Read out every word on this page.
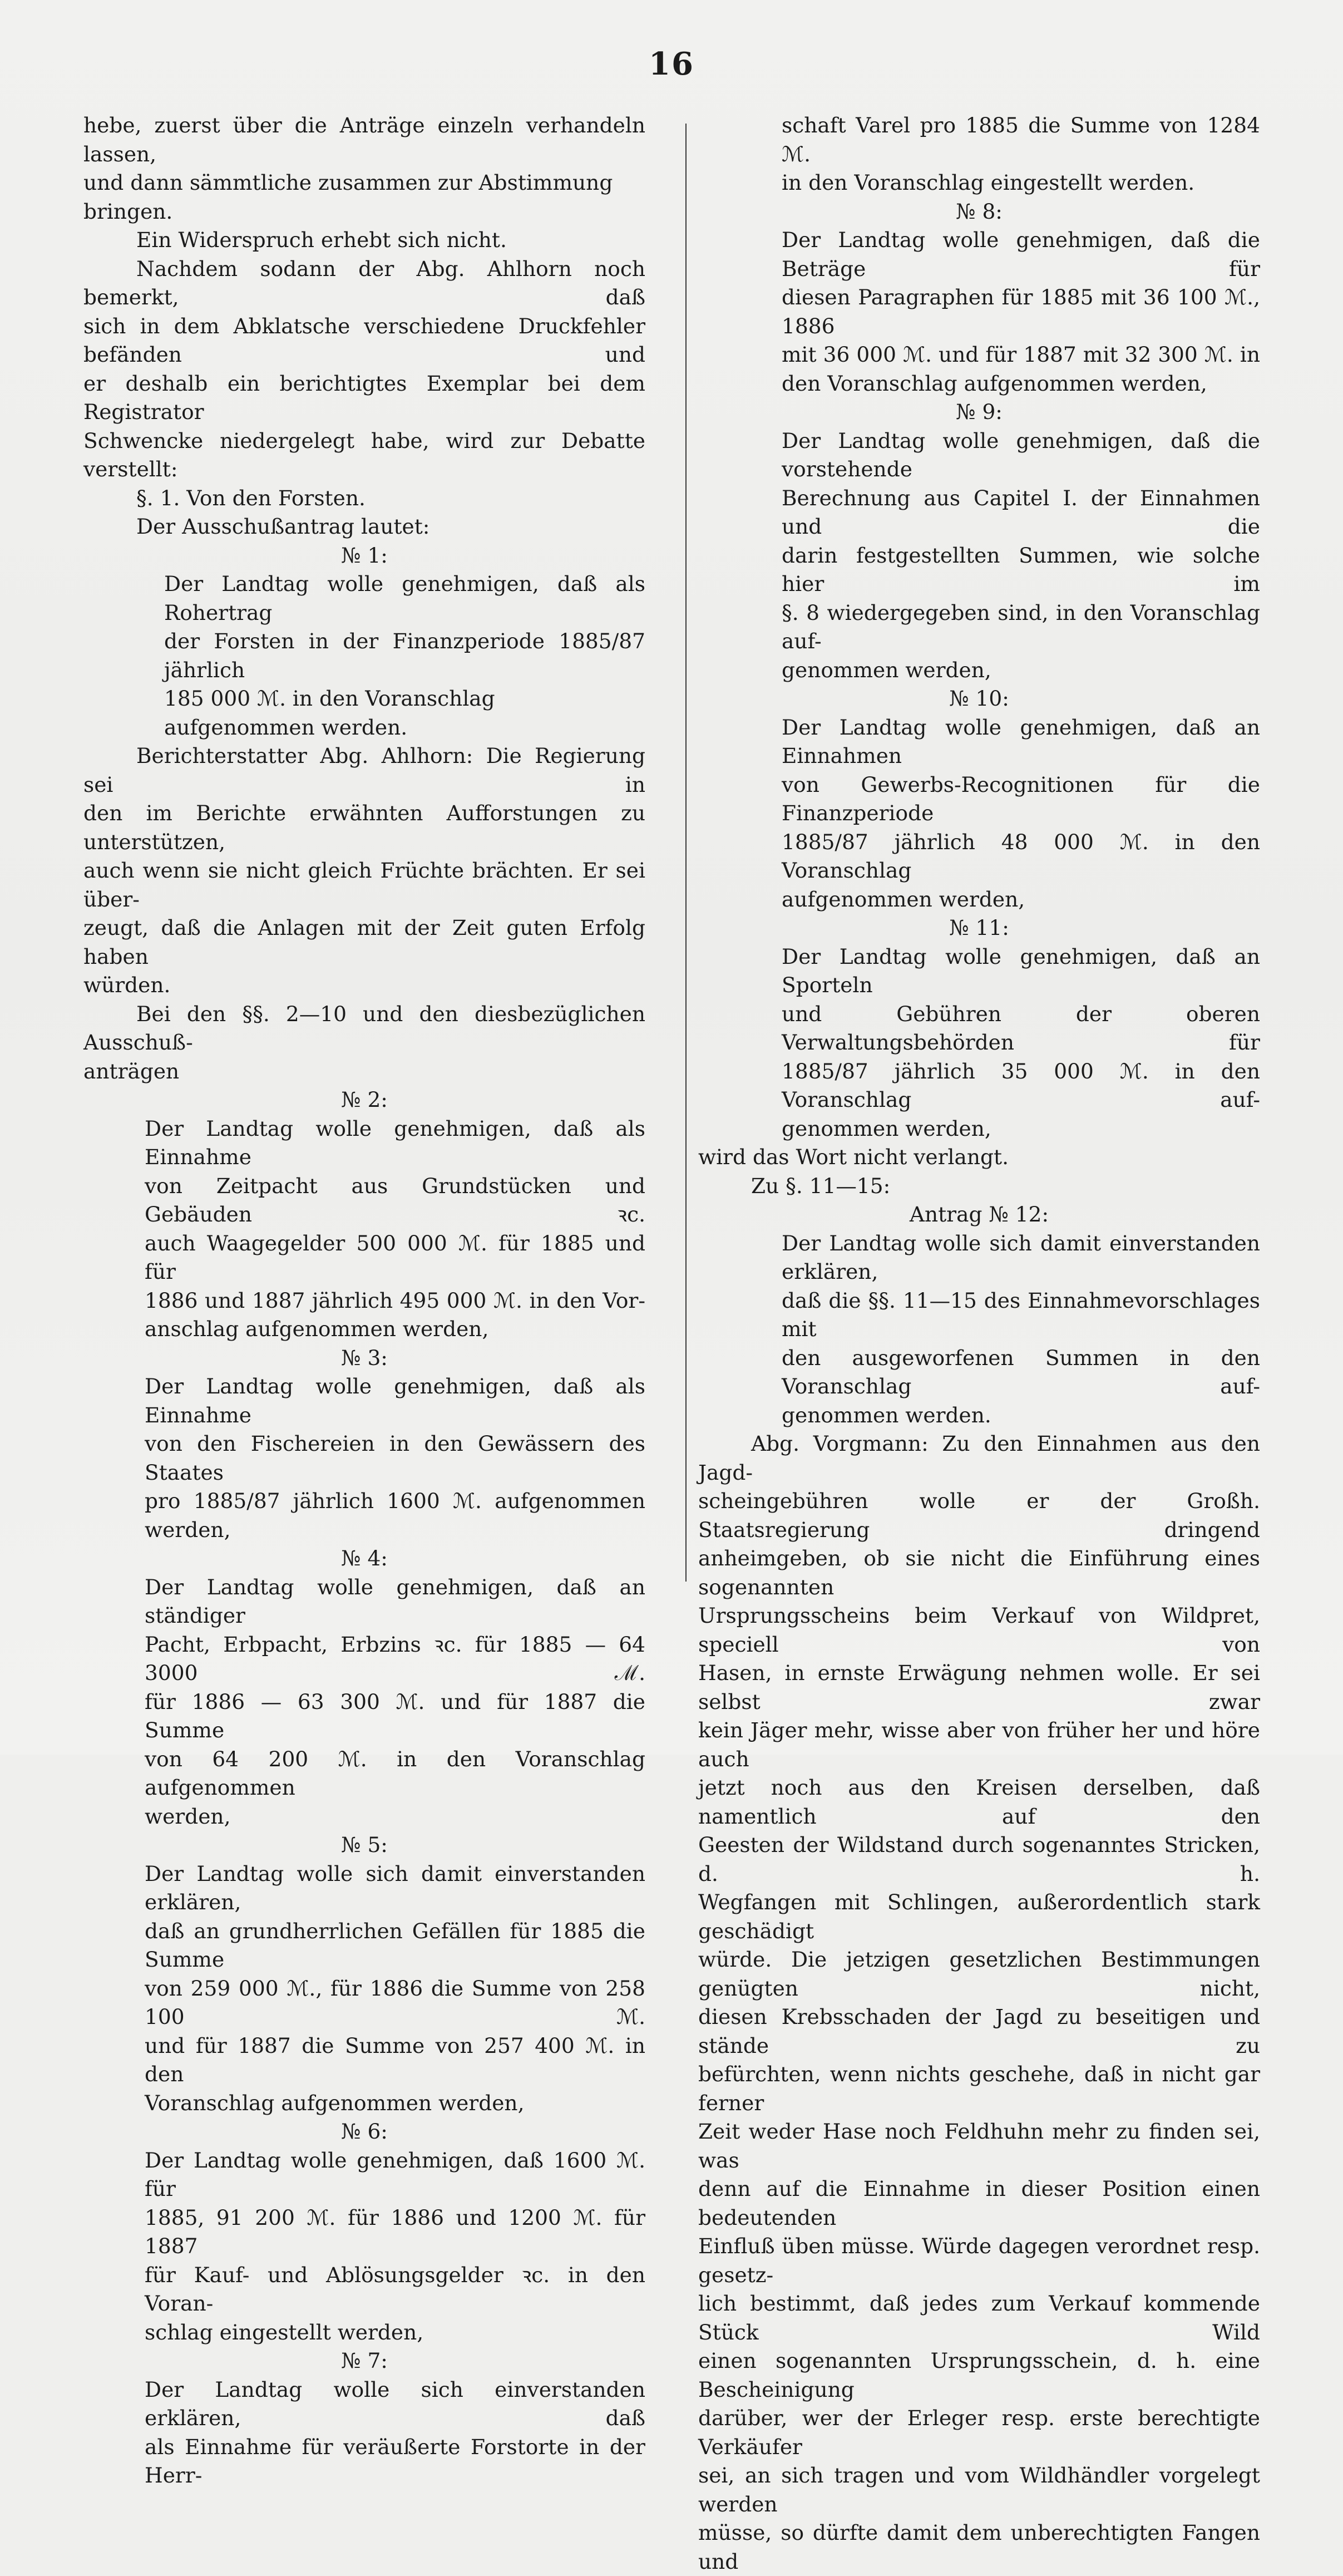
16

hebe, zuerst über die Anträge einzeln verhandeln lassen,

und dann sämmtliche zusammen zur Abstimmung bringen.

Ein Widerspruch erhebt sich nicht.

Nachdem sodann der Abg. Ahlhorn noch bemerkt, daß

sich in dem Abklatsche verschiedene Druckfehler befänden und

er deshalb ein berichtigtes Exemplar bei dem Registrator

Schwencke niedergelegt habe, wird zur Debatte verstellt:

§. 1. Von den Forsten.

Der Ausschußantrag lautet:

№ 1:

Der Landtag wolle genehmigen, daß als Rohertrag

der Forsten in der Finanzperiode 1885/87 jährlich

185 000 ℳ. in den Voranschlag aufgenommen werden.

Berichterstatter Abg. Ahlhorn: Die Regierung sei in

den im Berichte erwähnten Aufforstungen zu unterstützen,

auch wenn sie nicht gleich Früchte brächten. Er sei über-

zeugt, daß die Anlagen mit der Zeit guten Erfolg haben

würden.

Bei den §§. 2—10 und den diesbezüglichen Ausschuß-

anträgen

№ 2:

Der Landtag wolle genehmigen, daß als Einnahme

von Zeitpacht aus Grundstücken und Gebäuden ꝛc.

auch Waagegelder 500 000 ℳ. für 1885 und für

1886 und 1887 jährlich 495 000 ℳ. in den Vor-

anschlag aufgenommen werden,

№ 3:

Der Landtag wolle genehmigen, daß als Einnahme

von den Fischereien in den Gewässern des Staates

pro 1885/87 jährlich 1600 ℳ. aufgenommen werden,

№ 4:

Der Landtag wolle genehmigen, daß an ständiger

Pacht, Erbpacht, Erbzins ꝛc. für 1885 — 64 3000 ℳ.

für 1886 — 63 300 ℳ. und für 1887 die Summe

von 64 200 ℳ. in den Voranschlag aufgenommen

werden,

№ 5:

Der Landtag wolle sich damit einverstanden erklären,

daß an grundherrlichen Gefällen für 1885 die Summe

von 259 000 ℳ., für 1886 die Summe von 258 100 ℳ.

und für 1887 die Summe von 257 400 ℳ. in den

Voranschlag aufgenommen werden,

№ 6:

Der Landtag wolle genehmigen, daß 1600 ℳ. für

1885, 91 200 ℳ. für 1886 und 1200 ℳ. für 1887

für Kauf- und Ablösungsgelder ꝛc. in den Voran-

schlag eingestellt werden,

№ 7:

Der Landtag wolle sich einverstanden erklären, daß

als Einnahme für veräußerte Forstorte in der Herr-

schaft Varel pro 1885 die Summe von 1284 ℳ.

in den Voranschlag eingestellt werden.

№ 8:

Der Landtag wolle genehmigen, daß die Beträge für

diesen Paragraphen für 1885 mit 36 100 ℳ., 1886

mit 36 000 ℳ. und für 1887 mit 32 300 ℳ. in

den Voranschlag aufgenommen werden,

№ 9:

Der Landtag wolle genehmigen, daß die vorstehende

Berechnung aus Capitel I. der Einnahmen und die

darin festgestellten Summen, wie solche hier im

§. 8 wiedergegeben sind, in den Voranschlag auf-

genommen werden,

№ 10:

Der Landtag wolle genehmigen, daß an Einnahmen

von Gewerbs-Recognitionen für die Finanzperiode

1885/87 jährlich 48 000 ℳ. in den Voranschlag

aufgenommen werden,

№ 11:

Der Landtag wolle genehmigen, daß an Sporteln

und Gebühren der oberen Verwaltungsbehörden für

1885/87 jährlich 35 000 ℳ. in den Voranschlag auf-

genommen werden,

wird das Wort nicht verlangt.

Zu §. 11—15:

Antrag № 12:

Der Landtag wolle sich damit einverstanden erklären,

daß die §§. 11—15 des Einnahmevorschlages mit

den ausgeworfenen Summen in den Voranschlag auf-

genommen werden.

Abg. Vorgmann: Zu den Einnahmen aus den Jagd-

scheingebühren wolle er der Großh. Staatsregierung dringend

anheimgeben, ob sie nicht die Einführung eines sogenannten

Ursprungsscheins beim Verkauf von Wildpret, speciell von

Hasen, in ernste Erwägung nehmen wolle. Er sei selbst zwar

kein Jäger mehr, wisse aber von früher her und höre auch

jetzt noch aus den Kreisen derselben, daß namentlich auf den

Geesten der Wildstand durch sogenanntes Stricken, d. h.

Wegfangen mit Schlingen, außerordentlich stark geschädigt

würde. Die jetzigen gesetzlichen Bestimmungen genügten nicht,

diesen Krebsschaden der Jagd zu beseitigen und stände zu

befürchten, wenn nichts geschehe, daß in nicht gar ferner

Zeit weder Hase noch Feldhuhn mehr zu finden sei, was

denn auf die Einnahme in dieser Position einen bedeutenden

Einfluß üben müsse. Würde dagegen verordnet resp. gesetz-

lich bestimmt, daß jedes zum Verkauf kommende Stück Wild

einen sogenannten Ursprungsschein, d. h. eine Bescheinigung

darüber, wer der Erleger resp. erste berechtigte Verkäufer

sei, an sich tragen und vom Wildhändler vorgelegt werden

müsse, so dürfte damit dem unberechtigten Fangen und
